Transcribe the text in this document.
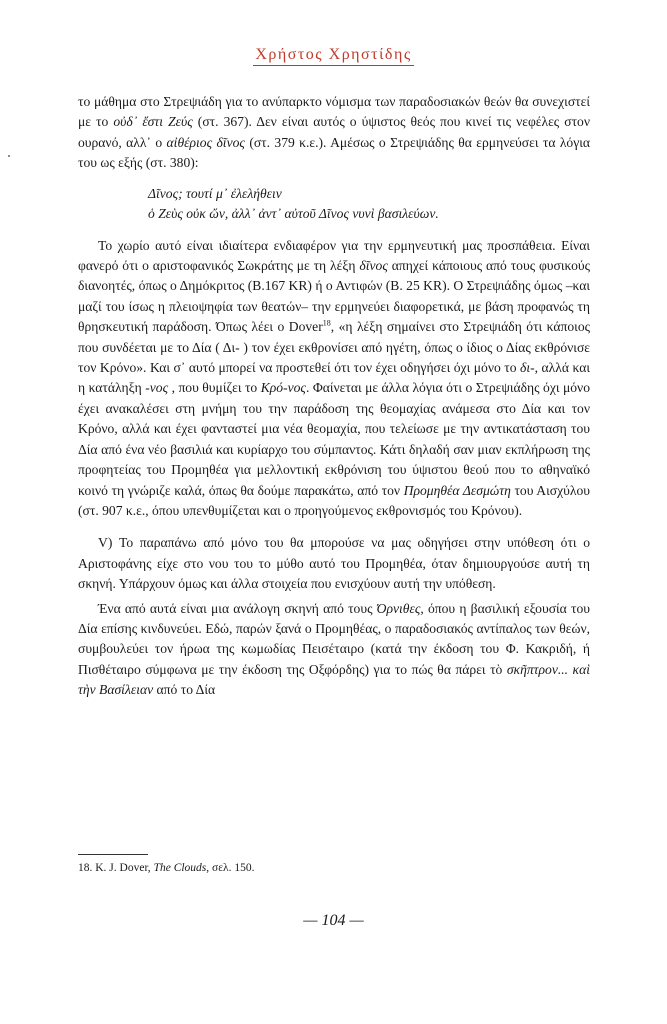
Χρήστος Χρηστίδης

το μάθημα στο Στρεψιάδη για το ανύπαρκτο νόμισμα των παραδοσιακών θεών θα συνεχιστεί με το οὐδ᾽ ἔστι Ζεύς (στ. 367). Δεν είναι αυτός ο ύψιστος θεός που κινεί τις νεφέλες στον ουρανό, αλλ᾽ ο αἰθέριος δῖνος (στ. 379 κ.ε.). Αμέσως ο Στρεψιάδης θα ερμηνεύσει τα λόγια του ως εξής (στ. 380):

Δῖνος; τουτί μ᾽ ἐλελήθειν
ὁ Ζεὺς οὐκ ὤν, ἀλλ᾽ ἀντ᾽ αὐτοῦ Δῖνος νυνὶ βασιλεύων.

Το χωρίο αυτό είναι ιδιαίτερα ενδιαφέρον για την ερμηνευτική μας προσπάθεια. Είναι φανερό ότι ο αριστοφανικός Σωκράτης με τη λέξη δῖνος απηχεί κάποιους από τους φυσικούς διανοητές, όπως ο Δημόκριτος (Β.167 KR) ή ο Αντιφών (Β. 25 KR). Ο Στρεψιάδης όμως –και μαζί του ίσως η πλειοψηφία των θεατών– την ερμηνεύει διαφορετικά, με βάση προφανώς τη θρησκευτική παράδοση. Όπως λέει ο Dover$^{18}$, «η λέξη σημαίνει στο Στρεψιάδη ότι κάποιος που συνδέεται με το Δία ( Δι- ) τον έχει εκθρονίσει από ηγέτη, όπως ο ίδιος ο Δίας εκθρόνισε τον Κρόνο». Και σ᾽ αυτό μπορεί να προστεθεί ότι τον έχει οδηγήσει όχι μόνο το δι-, αλλά και η κατάληξη -νος , που θυμίζει το Κρό-νος. Φαίνεται με άλλα λόγια ότι ο Στρεψιάδης όχι μόνο έχει ανακαλέσει στη μνήμη του την παράδοση της θεομαχίας ανάμεσα στο Δία και τον Κρόνο, αλλά και έχει φανταστεί μια νέα θεομαχία, που τελείωσε με την αντικατάσταση του Δία από ένα νέο βασιλιά και κυρίαρχο του σύμπαντος. Κάτι δηλαδή σαν μιαν εκπλήρωση της προφητείας του Προμηθέα για μελλοντική εκθρόνιση του ύψιστου θεού που το αθηναϊκό κοινό τη γνώριζε καλά, όπως θα δούμε παρακάτω, από τον Προμηθέα Δεσμώτη του Αισχύλου (στ. 907 κ.ε., όπου υπενθυμίζεται και ο προηγούμενος εκθρονισμός του Κρόνου).

V) Το παραπάνω από μόνο του θα μπορούσε να μας οδηγήσει στην υπόθεση ότι ο Αριστοφάνης είχε στο νου του το μύθο αυτό του Προμηθέα, όταν δημιουργούσε αυτή τη σκηνή. Υπάρχουν όμως και άλλα στοιχεία που ενισχύουν αυτή την υπόθεση.

Ένα από αυτά είναι μια ανάλογη σκηνή από τους Όρνιθες, όπου η βασιλική εξουσία του Δία επίσης κινδυνεύει. Εδώ, παρών ξανά ο Προμηθέας, ο παραδοσιακός αντίπαλος των θεών, συμβουλεύει τον ήρωα της κωμωδίας Πεισέταιρο (κατά την έκδοση του Φ. Κακριδή, ή Πισθέταιρο σύμφωνα με την έκδοση της Οξφόρδης) για το πώς θα πάρει τὸ σκῆπτρον... καὶ τὴν Βασίλειαν από το Δία

18. K. J. Dover, The Clouds, σελ. 150.
— 104 —
